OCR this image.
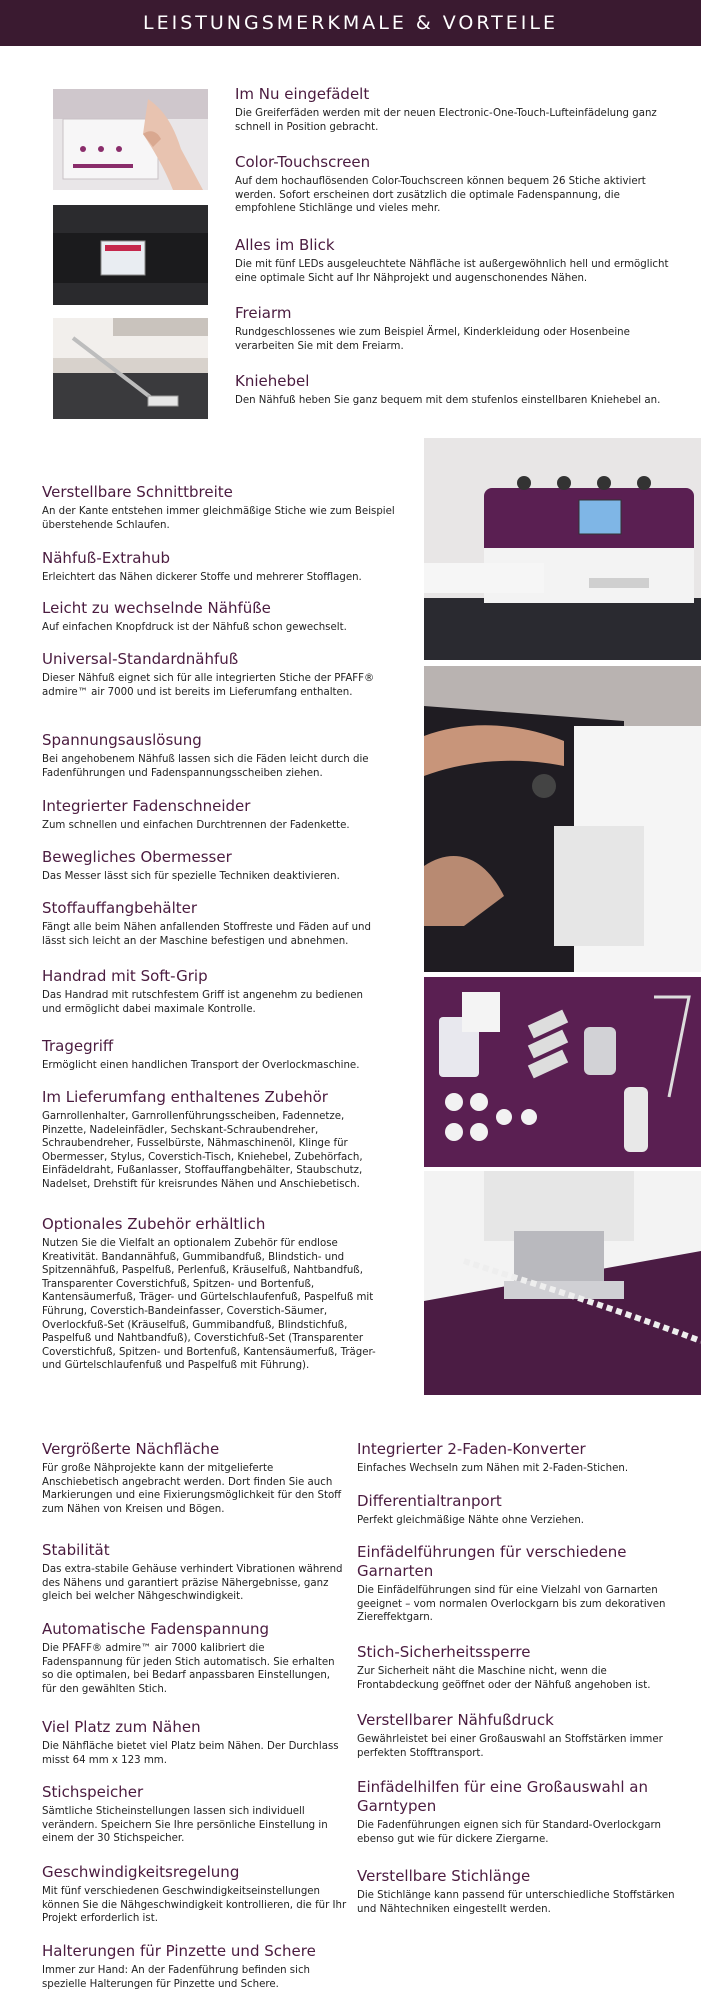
LEISTUNGSMERKMALE & VORTEILE
Im Nu eingefädelt

Die Greiferfäden werden mit der neuen Electronic-One-Touch-Lufteinfädelung ganz schnell in Position gebracht.

Color-Touchscreen

Auf dem hochauflösenden Color-Touchscreen können bequem 26 Stiche aktiviert werden. Sofort erscheinen dort zusätzlich die optimale Fadenspannung, die empfohlene Stichlänge und vieles mehr.

Alles im Blick

Die mit fünf LEDs ausgeleuchtete Nähfläche ist außergewöhnlich hell und ermöglicht eine optimale Sicht auf Ihr Nähprojekt und augenschonendes Nähen.

Freiarm

Rundgeschlossenes wie zum Beispiel Ärmel, Kinderkleidung oder Hosenbeine verarbeiten Sie mit dem Freiarm.

Kniehebel

Den Nähfuß heben Sie ganz bequem mit dem stufenlos einstellbaren Kniehebel an.

Verstellbare Schnittbreite

An der Kante entstehen immer gleichmäßige Stiche wie zum Beispiel überstehende Schlaufen.

Nähfuß-Extrahub

Erleichtert das Nähen dickerer Stoffe und mehrerer Stofflagen.

Leicht zu wechselnde Nähfüße

Auf einfachen Knopfdruck ist der Nähfuß schon gewechselt.

Universal-Standardnähfuß

Dieser Nähfuß eignet sich für alle integrierten Stiche der PFAFF® admire™ air 7000 und ist bereits im Lieferumfang enthalten.

Spannungsauslösung

Bei angehobenem Nähfuß lassen sich die Fäden leicht durch die Fadenführungen und Fadenspannungsscheiben ziehen.

Integrierter Fadenschneider

Zum schnellen und einfachen Durchtrennen der Fadenkette.

Bewegliches Obermesser

Das Messer lässt sich für spezielle Techniken deaktivieren.

Stoffauffangbehälter

Fängt alle beim Nähen anfallenden Stoffreste und Fäden auf und lässt sich leicht an der Maschine befestigen und abnehmen.

Handrad mit Soft-Grip

Das Handrad mit rutschfestem Griff ist angenehm zu bedienen und ermöglicht dabei maximale Kontrolle.

Tragegriff

Ermöglicht einen handlichen Transport der Overlockmaschine.

Im Lieferumfang enthaltenes Zubehör

Garnrollenhalter, Garnrollenführungsscheiben, Fadennetze, Pinzette, Nadeleinfädler, Sechskant-Schraubendreher, Schraubendreher, Fusselbürste, Nähmaschinenöl, Klinge für Obermesser, Stylus, Coverstich-Tisch, Kniehebel, Zubehörfach, Einfädeldraht, Fußanlasser, Stoffauffangbehälter, Staubschutz, Nadelset, Drehstift für kreisrundes Nähen und Anschiebetisch.

Optionales Zubehör erhältlich

Nutzen Sie die Vielfalt an optionalem Zubehör für endlose Kreativität. Bandannähfuß, Gummibandfuß, Blindstich- und Spitzennähfuß, Paspelfuß, Perlenfuß, Kräuselfuß, Nahtbandfuß, Transparenter Coverstichfuß, Spitzen- und Bortenfuß, Kantensäumerfuß, Träger- und Gürtelschlaufenfuß, Paspelfuß mit Führung, Coverstich-Bandeinfasser, Coverstich-Säumer, Overlockfuß-Set (Kräuselfuß, Gummibandfuß, Blindstichfuß, Paspelfuß und Nahtbandfuß), Coverstichfuß-Set (Transparenter Coverstichfuß, Spitzen- und Bortenfuß, Kantensäumerfuß, Träger- und Gürtelschlaufenfuß und Paspelfuß mit Führung).

Vergrößerte Nächfläche

Für große Nähprojekte kann der mitgelieferte Anschiebetisch angebracht werden. Dort finden Sie auch Markierungen und eine Fixierungsmöglichkeit für den Stoff zum Nähen von Kreisen und Bögen.

Stabilität

Das extra-stabile Gehäuse verhindert Vibrationen während des Nähens und garantiert präzise Nähergebnisse, ganz gleich bei welcher Nähgeschwindigkeit.

Automatische Fadenspannung

Die PFAFF® admire™ air 7000 kalibriert die Fadenspannung für jeden Stich automatisch. Sie erhalten so die optimalen, bei Bedarf anpassbaren Einstellungen, für den gewählten Stich.

Viel Platz zum Nähen

Die Nähfläche bietet viel Platz beim Nähen. Der Durchlass misst 64 mm x 123 mm.

Stichspeicher

Sämtliche Sticheinstellungen lassen sich individuell verändern. Speichern Sie Ihre persönliche Einstellung in einem der 30 Stichspeicher.

Geschwindigkeitsregelung

Mit fünf verschiedenen Geschwindigkeitseinstellungen können Sie die Nähgeschwindigkeit kontrollieren, die für Ihr Projekt erforderlich ist.

Halterungen für Pinzette und Schere

Immer zur Hand: An der Fadenführung befinden sich spezielle Halterungen für Pinzette und Schere.

Integrierter 2-Faden-Konverter

Einfaches Wechseln zum Nähen mit 2-Faden-Stichen.

Differentialtranport

Perfekt gleichmäßige Nähte ohne Verziehen.

Einfädelführungen für verschiedene Garnarten

Die Einfädelführungen sind für eine Vielzahl von Garnarten geeignet – vom normalen Overlockgarn bis zum dekorativen Ziereffektgarn.

Stich-Sicherheitssperre

Zur Sicherheit näht die Maschine nicht, wenn die Frontabdeckung geöffnet oder der Nähfuß angehoben ist.

Verstellbarer Nähfußdruck

Gewährleistet bei einer Großauswahl an Stoffstärken immer perfekten Stofftransport.

Einfädelhilfen für eine Großauswahl an Garntypen

Die Fadenführungen eignen sich für Standard-Overlockgarn ebenso gut wie für dickere Ziergarne.

Verstellbare Stichlänge

Die Stichlänge kann passend für unterschiedliche Stoffstärken und Nähtechniken eingestellt werden.
